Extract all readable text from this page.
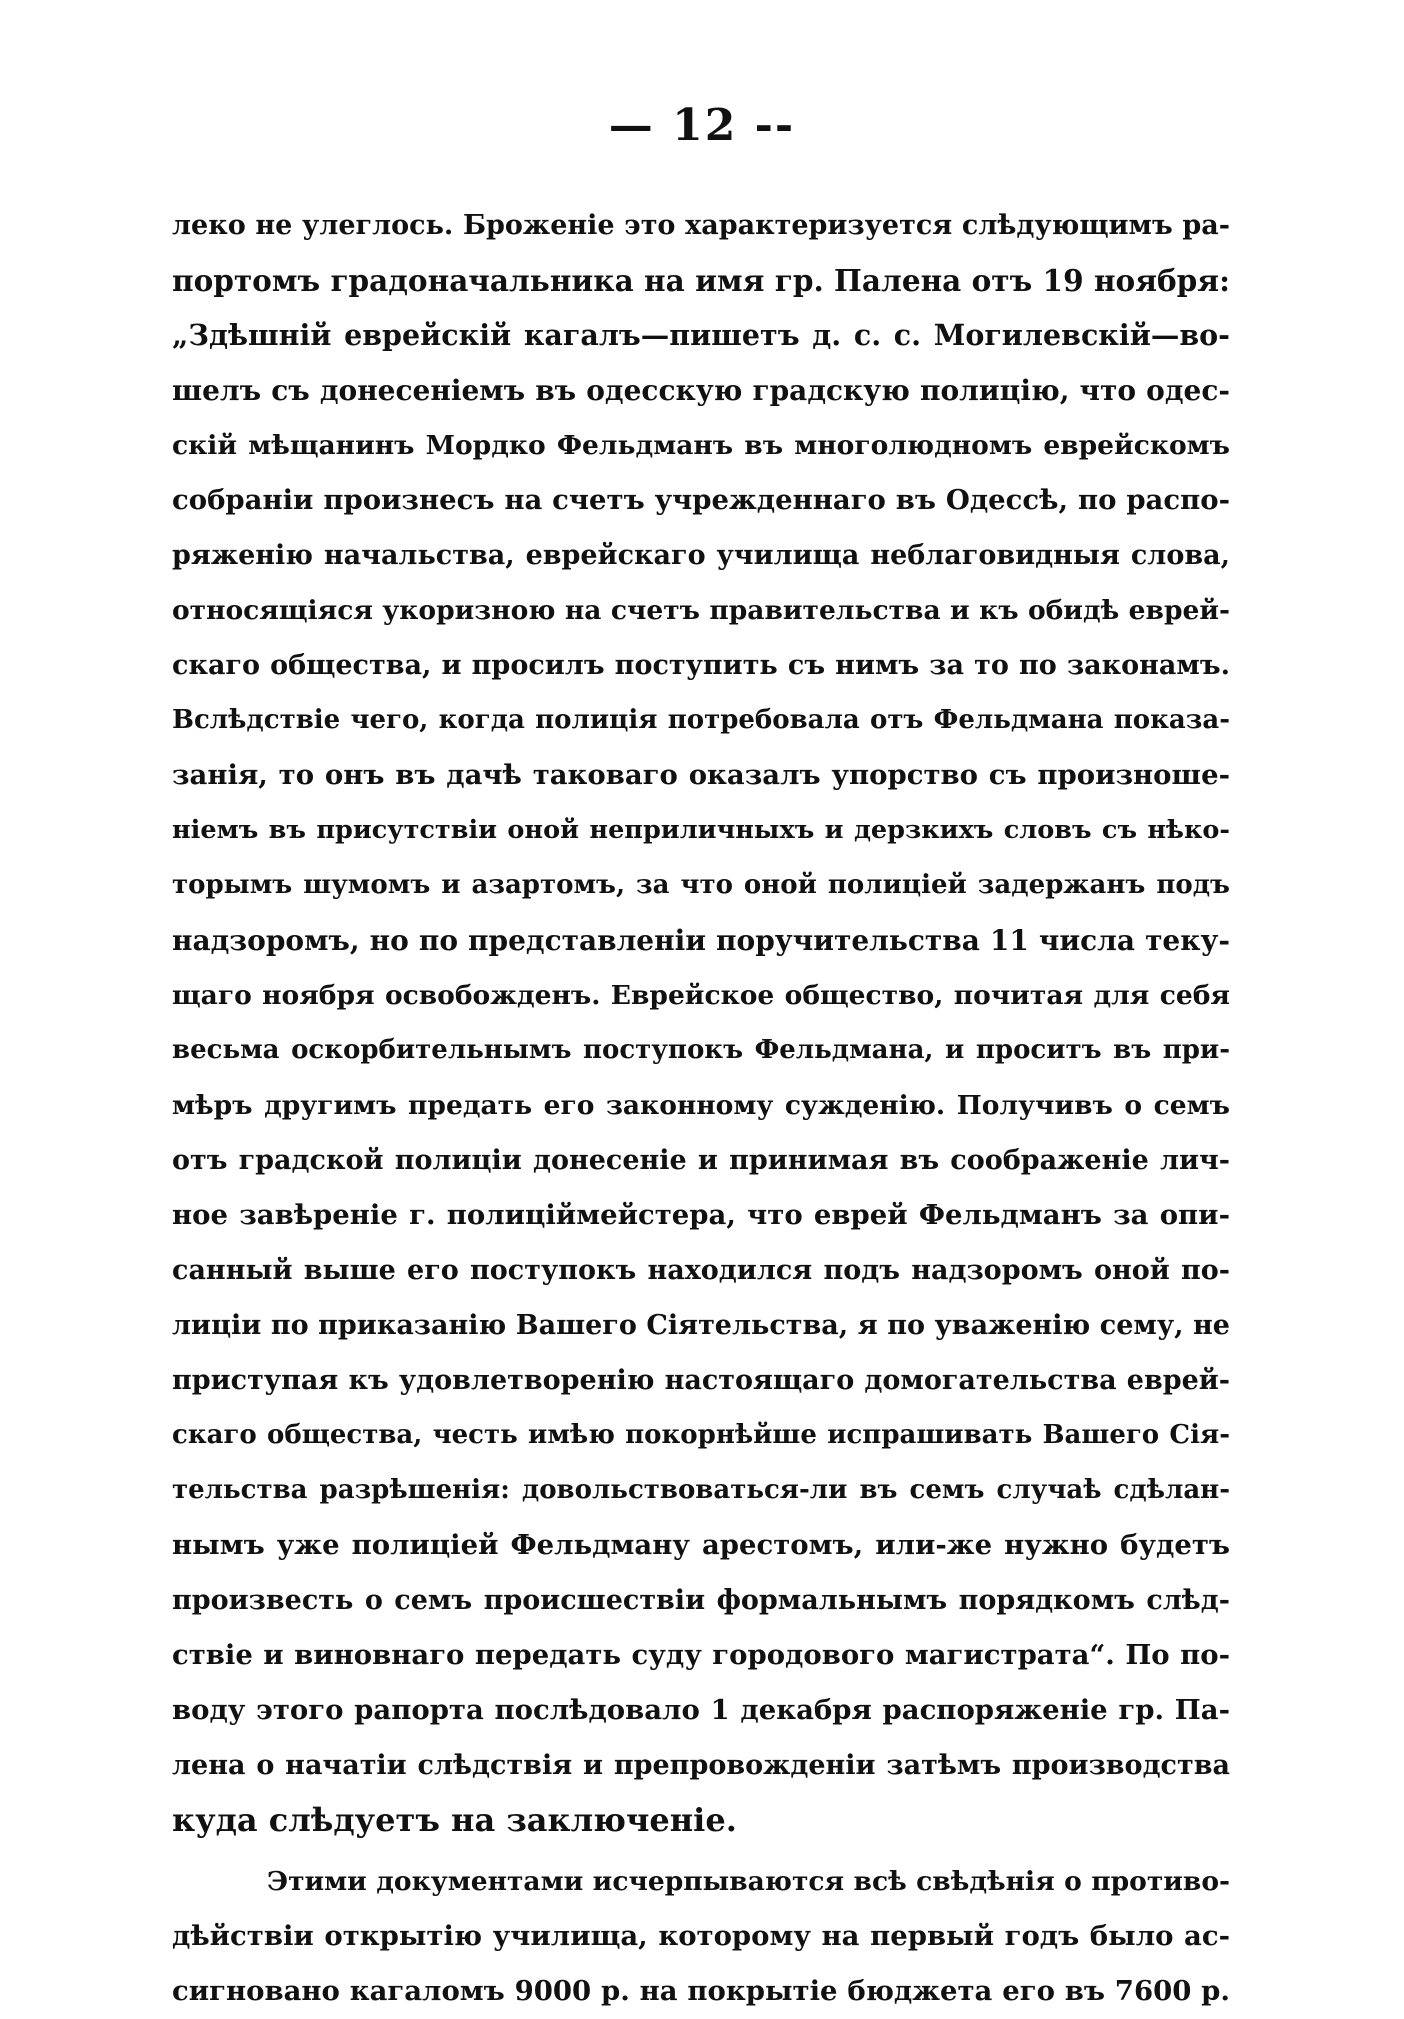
— 12 --
леко не улеглось. Броженіе это характеризуется слѣдующимъ ра-
портомъ градоначальника на имя гр. Палена отъ 19 ноября:
„Здѣшній еврейскій кагалъ—пишетъ д. с. с. Могилевскій—во-
шелъ съ донесеніемъ въ одесскую градскую полицію, что одес-
скій мѣщанинъ Мордко Фельдманъ въ многолюдномъ еврейскомъ
собраніи произнесъ на счетъ учрежденнаго въ Одессѣ, по распо-
ряженію начальства, еврейскаго училища неблаговидныя слова,
относящіяся укоризною на счетъ правительства и къ обидѣ еврей-
скаго общества, и просилъ поступить съ нимъ за то по законамъ.
Вслѣдствіе чего, когда полиція потребовала отъ Фельдмана показа-
занія, то онъ въ дачѣ таковаго оказалъ упорство съ произноше-
ніемъ въ присутствіи оной неприличныхъ и дерзкихъ словъ съ нѣко-
торымъ шумомъ и азартомъ, за что оной полиціей задержанъ подъ
надзоромъ, но по представленіи поручительства 11 числа теку-
щаго ноября освобожденъ. Еврейское общество, почитая для себя
весьма оскорбительнымъ поступокъ Фельдмана, и проситъ въ при-
мѣръ другимъ предать его законному сужденію. Получивъ о семъ
отъ градской полиціи донесеніе и принимая въ соображеніе лич-
ное завѣреніе г. полиціймейстера, что еврей Фельдманъ за опи-
санный выше его поступокъ находился подъ надзоромъ оной по-
лиціи по приказанію Вашего Сіятельства, я по уваженію сему, не
приступая къ удовлетворенію настоящаго домогательства еврей-
скаго общества, честь имѣю покорнѣйше испрашивать Вашего Сія-
тельства разрѣшенія: довольствоваться-ли въ семъ случаѣ сдѣлан-
нымъ уже полиціей Фельдману арестомъ, или-же нужно будетъ
произвесть о семъ происшествіи формальнымъ порядкомъ слѣд-
ствіе и виновнаго передать суду городового магистрата“. По по-
воду этого рапорта послѣдовало 1 декабря распоряженіе гр. Па-
лена о начатіи слѣдствія и препровожденіи затѣмъ производства
куда слѣдуетъ на заключеніе.
Этими документами исчерпываются всѣ свѣдѣнія о противо-
дѣйствіи открытію училища, которому на первый годъ было ас-
сигновано кагаломъ 9000 р. на покрытіе бюджета его въ 7600 р.
